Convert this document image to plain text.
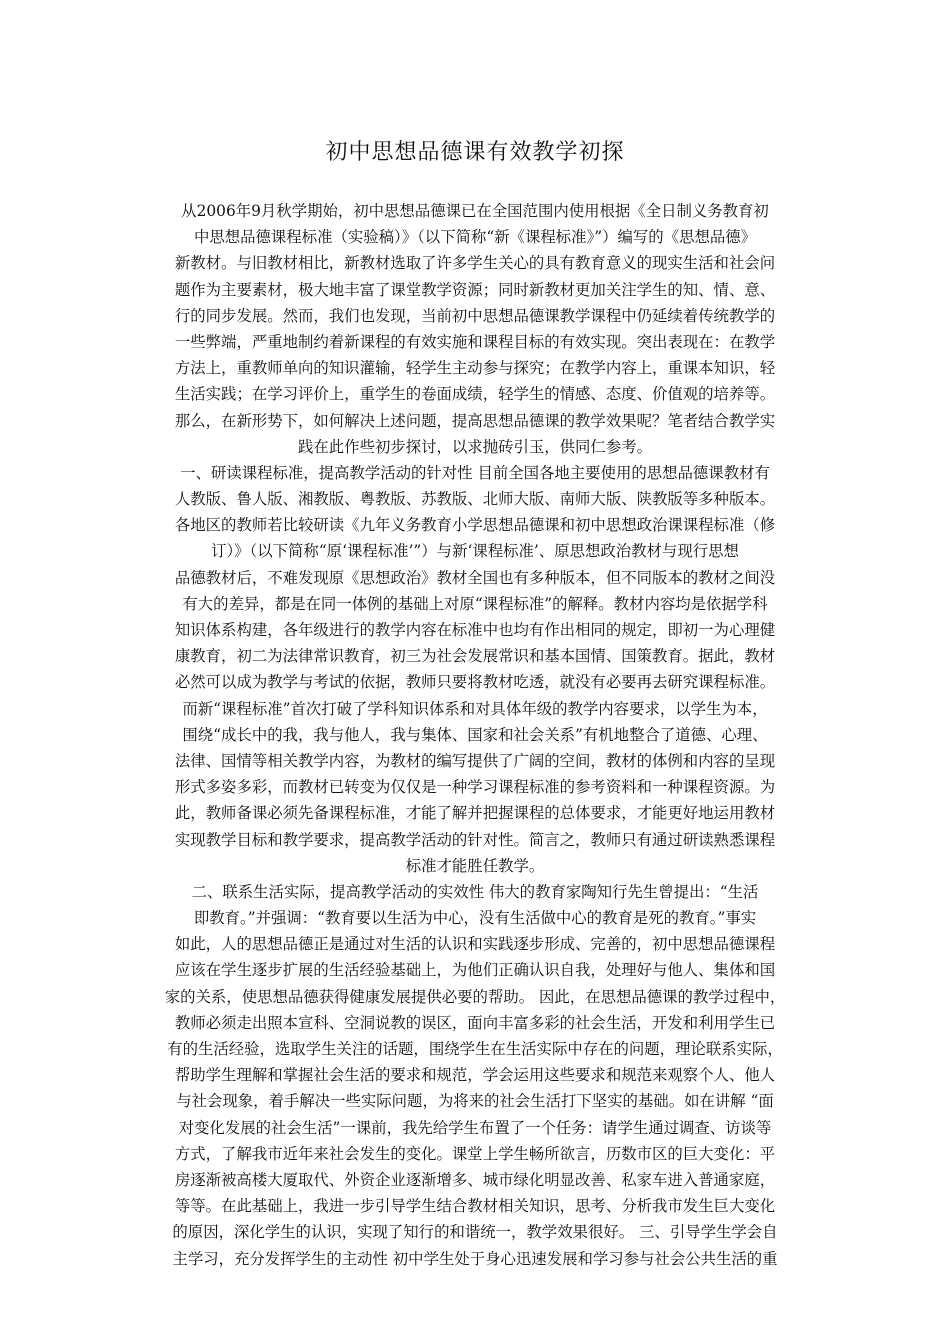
初中思想品德课有效教学初探
从2006年9月秋学期始，初中思想品德课已在全国范围内使用根据《全日制义务教育初
中思想品德课程标准（实验稿）》（以下简称“新《课程标准》”）编写的《思想品德》
新教材。与旧教材相比，新教材选取了许多学生关心的具有教育意义的现实生活和社会问
题作为主要素材，极大地丰富了课堂教学资源；同时新教材更加关注学生的知、情、意、
行的同步发展。然而，我们也发现，当前初中思想品德课教学课程中仍延续着传统教学的
一些弊端，严重地制约着新课程的有效实施和课程目标的有效实现。突出表现在：在教学
方法上，重教师单向的知识灌输，轻学生主动参与探究；在教学内容上，重课本知识，轻
生活实践；在学习评价上，重学生的卷面成绩，轻学生的情感、态度、价值观的培养等。
那么，在新形势下，如何解决上述问题，提高思想品德课的教学效果呢？笔者结合教学实
践在此作些初步探讨，以求抛砖引玉，供同仁参考。
一、研读课程标准，提高教学活动的针对性 目前全国各地主要使用的思想品德课教材有
人教版、鲁人版、湘教版、粤教版、苏教版、北师大版、南师大版、陕教版等多种版本。
各地区的教师若比较研读《九年义务教育小学思想品德课和初中思想政治课课程标准（修
订）》（以下简称“原‘课程标准’”）与新‘课程标准’、原思想政治教材与现行思想
品德教材后，不难发现原《思想政治》教材全国也有多种版本，但不同版本的教材之间没
有大的差异，都是在同一体例的基础上对原“课程标准”的解释。教材内容均是依据学科
知识体系构建，各年级进行的教学内容在标准中也均有作出相同的规定，即初一为心理健
康教育，初二为法律常识教育，初三为社会发展常识和基本国情、国策教育。据此，教材
必然可以成为教学与考试的依据，教师只要将教材吃透，就没有必要再去研究课程标准。
而新“课程标准”首次打破了学科知识体系和对具体年级的教学内容要求，以学生为本，
围绕“成长中的我，我与他人，我与集体、国家和社会关系”有机地整合了道德、心理、
法律、国情等相关教学内容，为教材的编写提供了广阔的空间，教材的体例和内容的呈现
形式多姿多彩，而教材已转变为仅仅是一种学习课程标准的参考资料和一种课程资源。为
此，教师备课必须先备课程标准，才能了解并把握课程的总体要求，才能更好地运用教材
实现教学目标和教学要求，提高教学活动的针对性。简言之，教师只有通过研读熟悉课程
标准才能胜任教学。
二、联系生活实际，提高教学活动的实效性 伟大的教育家陶知行先生曾提出：“生活
即教育。”并强调：“教育要以生活为中心，没有生活做中心的教育是死的教育。”事实
如此，人的思想品德正是通过对生活的认识和实践逐步形成、完善的，初中思想品德课程
应该在学生逐步扩展的生活经验基础上，为他们正确认识自我，处理好与他人、集体和国
家的关系，使思想品德获得健康发展提供必要的帮助。 因此，在思想品德课的教学过程中，
教师必须走出照本宣科、空洞说教的误区，面向丰富多彩的社会生活，开发和利用学生已
有的生活经验，选取学生关注的话题，围绕学生在生活实际中存在的问题，理论联系实际，
帮助学生理解和掌握社会生活的要求和规范，学会运用这些要求和规范来观察个人、他人
与社会现象，着手解决一些实际问题，为将来的社会生活打下坚实的基础。如在讲解 “面
对变化发展的社会生活”一课前，我先给学生布置了一个任务：请学生通过调查、访谈等
方式，了解我市近年来社会发生的变化。课堂上学生畅所欲言，历数市区的巨大变化：平
房逐渐被高楼大厦取代、外资企业逐渐增多、城市绿化明显改善、私家车进入普通家庭，
等等。在此基础上，我进一步引导学生结合教材相关知识，思考、分析我市发生巨大变化
的原因，深化学生的认识，实现了知行的和谐统一，教学效果很好。 三、引导学生学会自
主学习，充分发挥学生的主动性 初中学生处于身心迅速发展和学习参与社会公共生活的重
